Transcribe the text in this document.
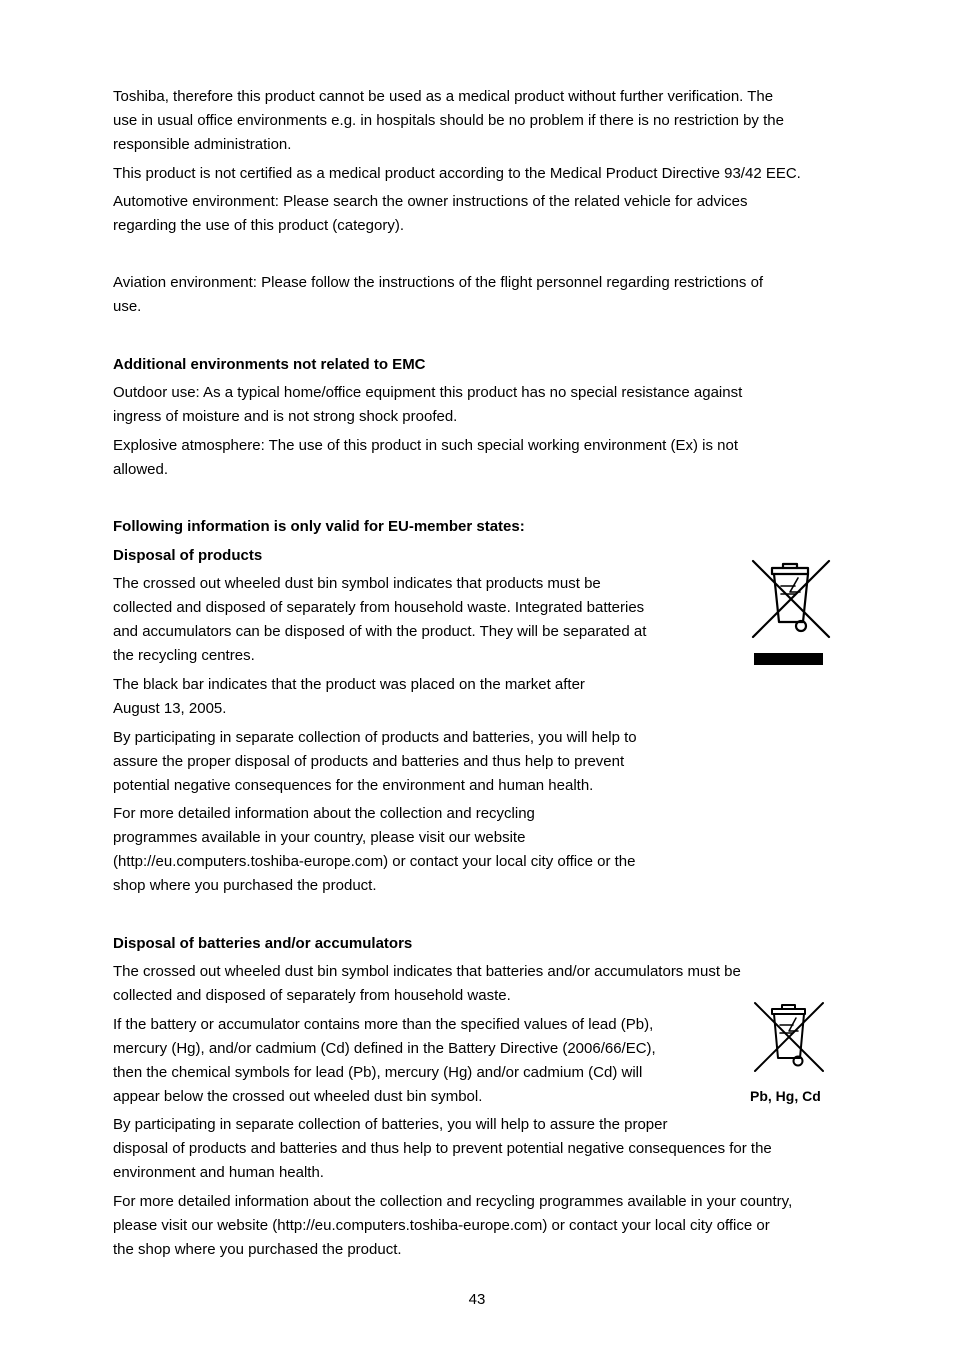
Toshiba, therefore this product cannot be used as a medical product without further verification. The
use in usual office environments e.g. in hospitals should be no problem if there is no restriction by the
responsible administration.

This product is not certified as a medical product according to the Medical Product Directive 93/42 EEC.

Automotive environment: Please search the owner instructions of the related vehicle for advices
regarding the use of this product (category).

Aviation environment: Please follow the instructions of the flight personnel regarding restrictions of
use.

Additional environments not related to EMC

Outdoor use: As a typical home/office equipment this product has no special resistance against
ingress of moisture and is not strong shock proofed.

Explosive atmosphere: The use of this product in such special working environment (Ex) is not
allowed.

Following information is only valid for EU-member states:

Disposal of products

The crossed out wheeled dust bin symbol indicates that products must be
collected and disposed of separately from household waste. Integrated batteries
and accumulators can be disposed of with the product. They will be separated at
the recycling centres.

The black bar indicates that the product was placed on the market after
August 13, 2005.

By participating in separate collection of products and batteries, you will help to
assure the proper disposal of products and batteries and thus help to prevent
potential negative consequences for the environment and human health.

For more detailed information about the collection and recycling
programmes available in your country, please visit our website
(http://eu.computers.toshiba-europe.com) or contact your local city office or the
shop where you purchased the product.

Disposal of batteries and/or accumulators

The crossed out wheeled dust bin symbol indicates that batteries and/or accumulators must be
collected and disposed of separately from household waste.

If the battery or accumulator contains more than the specified values of lead (Pb),
mercury (Hg), and/or cadmium (Cd) defined in the Battery Directive (2006/66/EC),
then the chemical symbols for lead (Pb), mercury (Hg) and/or cadmium (Cd) will
appear below the crossed out wheeled dust bin symbol.

By participating in separate collection of batteries, you will help to assure the proper
disposal of products and batteries and thus help to prevent potential negative consequences for the
environment and human health.

For more detailed information about the collection and recycling programmes available in your country,
please visit our website (http://eu.computers.toshiba-europe.com) or contact your local city office or
the shop where you purchased the product.

Pb, Hg, Cd
43
